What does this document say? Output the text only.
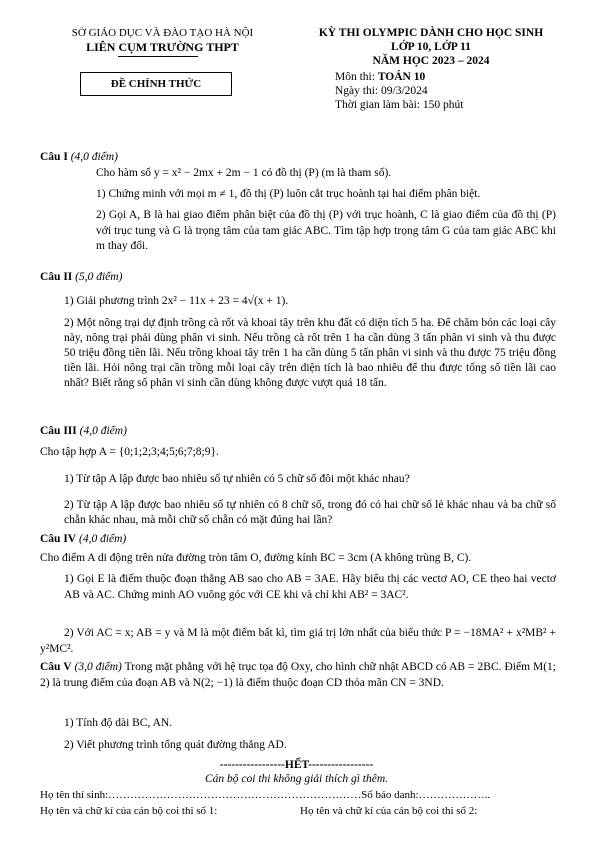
SỞ GIÁO DỤC VÀ ĐÀO TẠO HÀ NỘI
LIÊN CỤM TRƯỜNG THPT
ĐỀ CHÍNH THỨC
KỲ THI OLYMPIC DÀNH CHO HỌC SINH
LỚP 10, LỚP 11
NĂM HỌC 2023 – 2024
Môn thi: TOÁN 10
Ngày thi: 09/3/2024
Thời gian làm bài: 150 phút
Câu I (4,0 điểm)
Cho hàm số y = x² − 2mx + 2m − 1 có đồ thị (P) (m là tham số).
1) Chứng minh với mọi m ≠ 1, đồ thị (P) luôn cắt trục hoành tại hai điểm phân biệt.
2) Gọi A, B là hai giao điểm phân biệt của đồ thị (P) với trục hoành, C là giao điểm của đồ thị (P) với trục tung và G là trọng tâm của tam giác ABC. Tìm tập hợp trọng tâm G của tam giác ABC khi m thay đổi.
Câu II (5,0 điểm)
1) Giải phương trình 2x² − 11x + 23 = 4√(x + 1).
2) Một nông trại dự định trồng cà rốt và khoai tây trên khu đất có diện tích 5 ha. Để chăm bón các loại cây này, nông trại phải dùng phân vi sinh. Nếu trồng cà rốt trên 1 ha cần dùng 3 tấn phân vi sinh và thu được 50 triệu đồng tiền lãi. Nếu trồng khoai tây trên 1 ha cần dùng 5 tấn phân vi sinh và thu được 75 triệu đồng tiền lãi. Hỏi nông trại cần trồng mỗi loại cây trên diện tích là bao nhiêu để thu được tổng số tiền lãi cao nhất? Biết rằng số phân vi sinh cần dùng không được vượt quá 18 tấn.
Câu III (4,0 điểm)
Cho tập hợp A = {0;1;2;3;4;5;6;7;8;9}.
1) Từ tập A lập được bao nhiêu số tự nhiên có 5 chữ số đôi một khác nhau?
2) Từ tập A lập được bao nhiêu số tự nhiên có 8 chữ số, trong đó có hai chữ số lẻ khác nhau và ba chữ số chẵn khác nhau, mà mỗi chữ số chẵn có mặt đúng hai lần?
Câu IV (4,0 điểm)
Cho điểm A di động trên nửa đường tròn tâm O, đường kính BC = 3cm (A không trùng B, C).
1) Gọi E là điểm thuộc đoạn thẳng AB sao cho AB = 3AE. Hãy biểu thị các vectơ AO, CE theo hai vectơ AB và AC. Chứng minh AO vuông góc với CE khi và chỉ khi AB² = 3AC².
2) Với AC = x; AB = y và M là một điểm bất kì, tìm giá trị lớn nhất của biểu thức P = −18MA² + x²MB² + y²MC².
Câu V (3,0 điểm) Trong mặt phẳng với hệ trục tọa độ Oxy, cho hình chữ nhật ABCD có AB = 2BC. Điểm M(1; 2) là trung điểm của đoạn AB và N(2; −1) là điểm thuộc đoạn CD thỏa mãn CN = 3ND.
1) Tính độ dài BC, AN.
2) Viết phương trình tổng quát đường thẳng AD.
-----------------HẾT-----------------
Cán bộ coi thi không giải thích gì thêm.
Họ tên thí sinh:……………………………………………………………Số báo danh:………………..
Họ tên và chữ kí của cán bộ coi thi số 1:	Họ tên và chữ kí của cán bộ coi thi số 2:
